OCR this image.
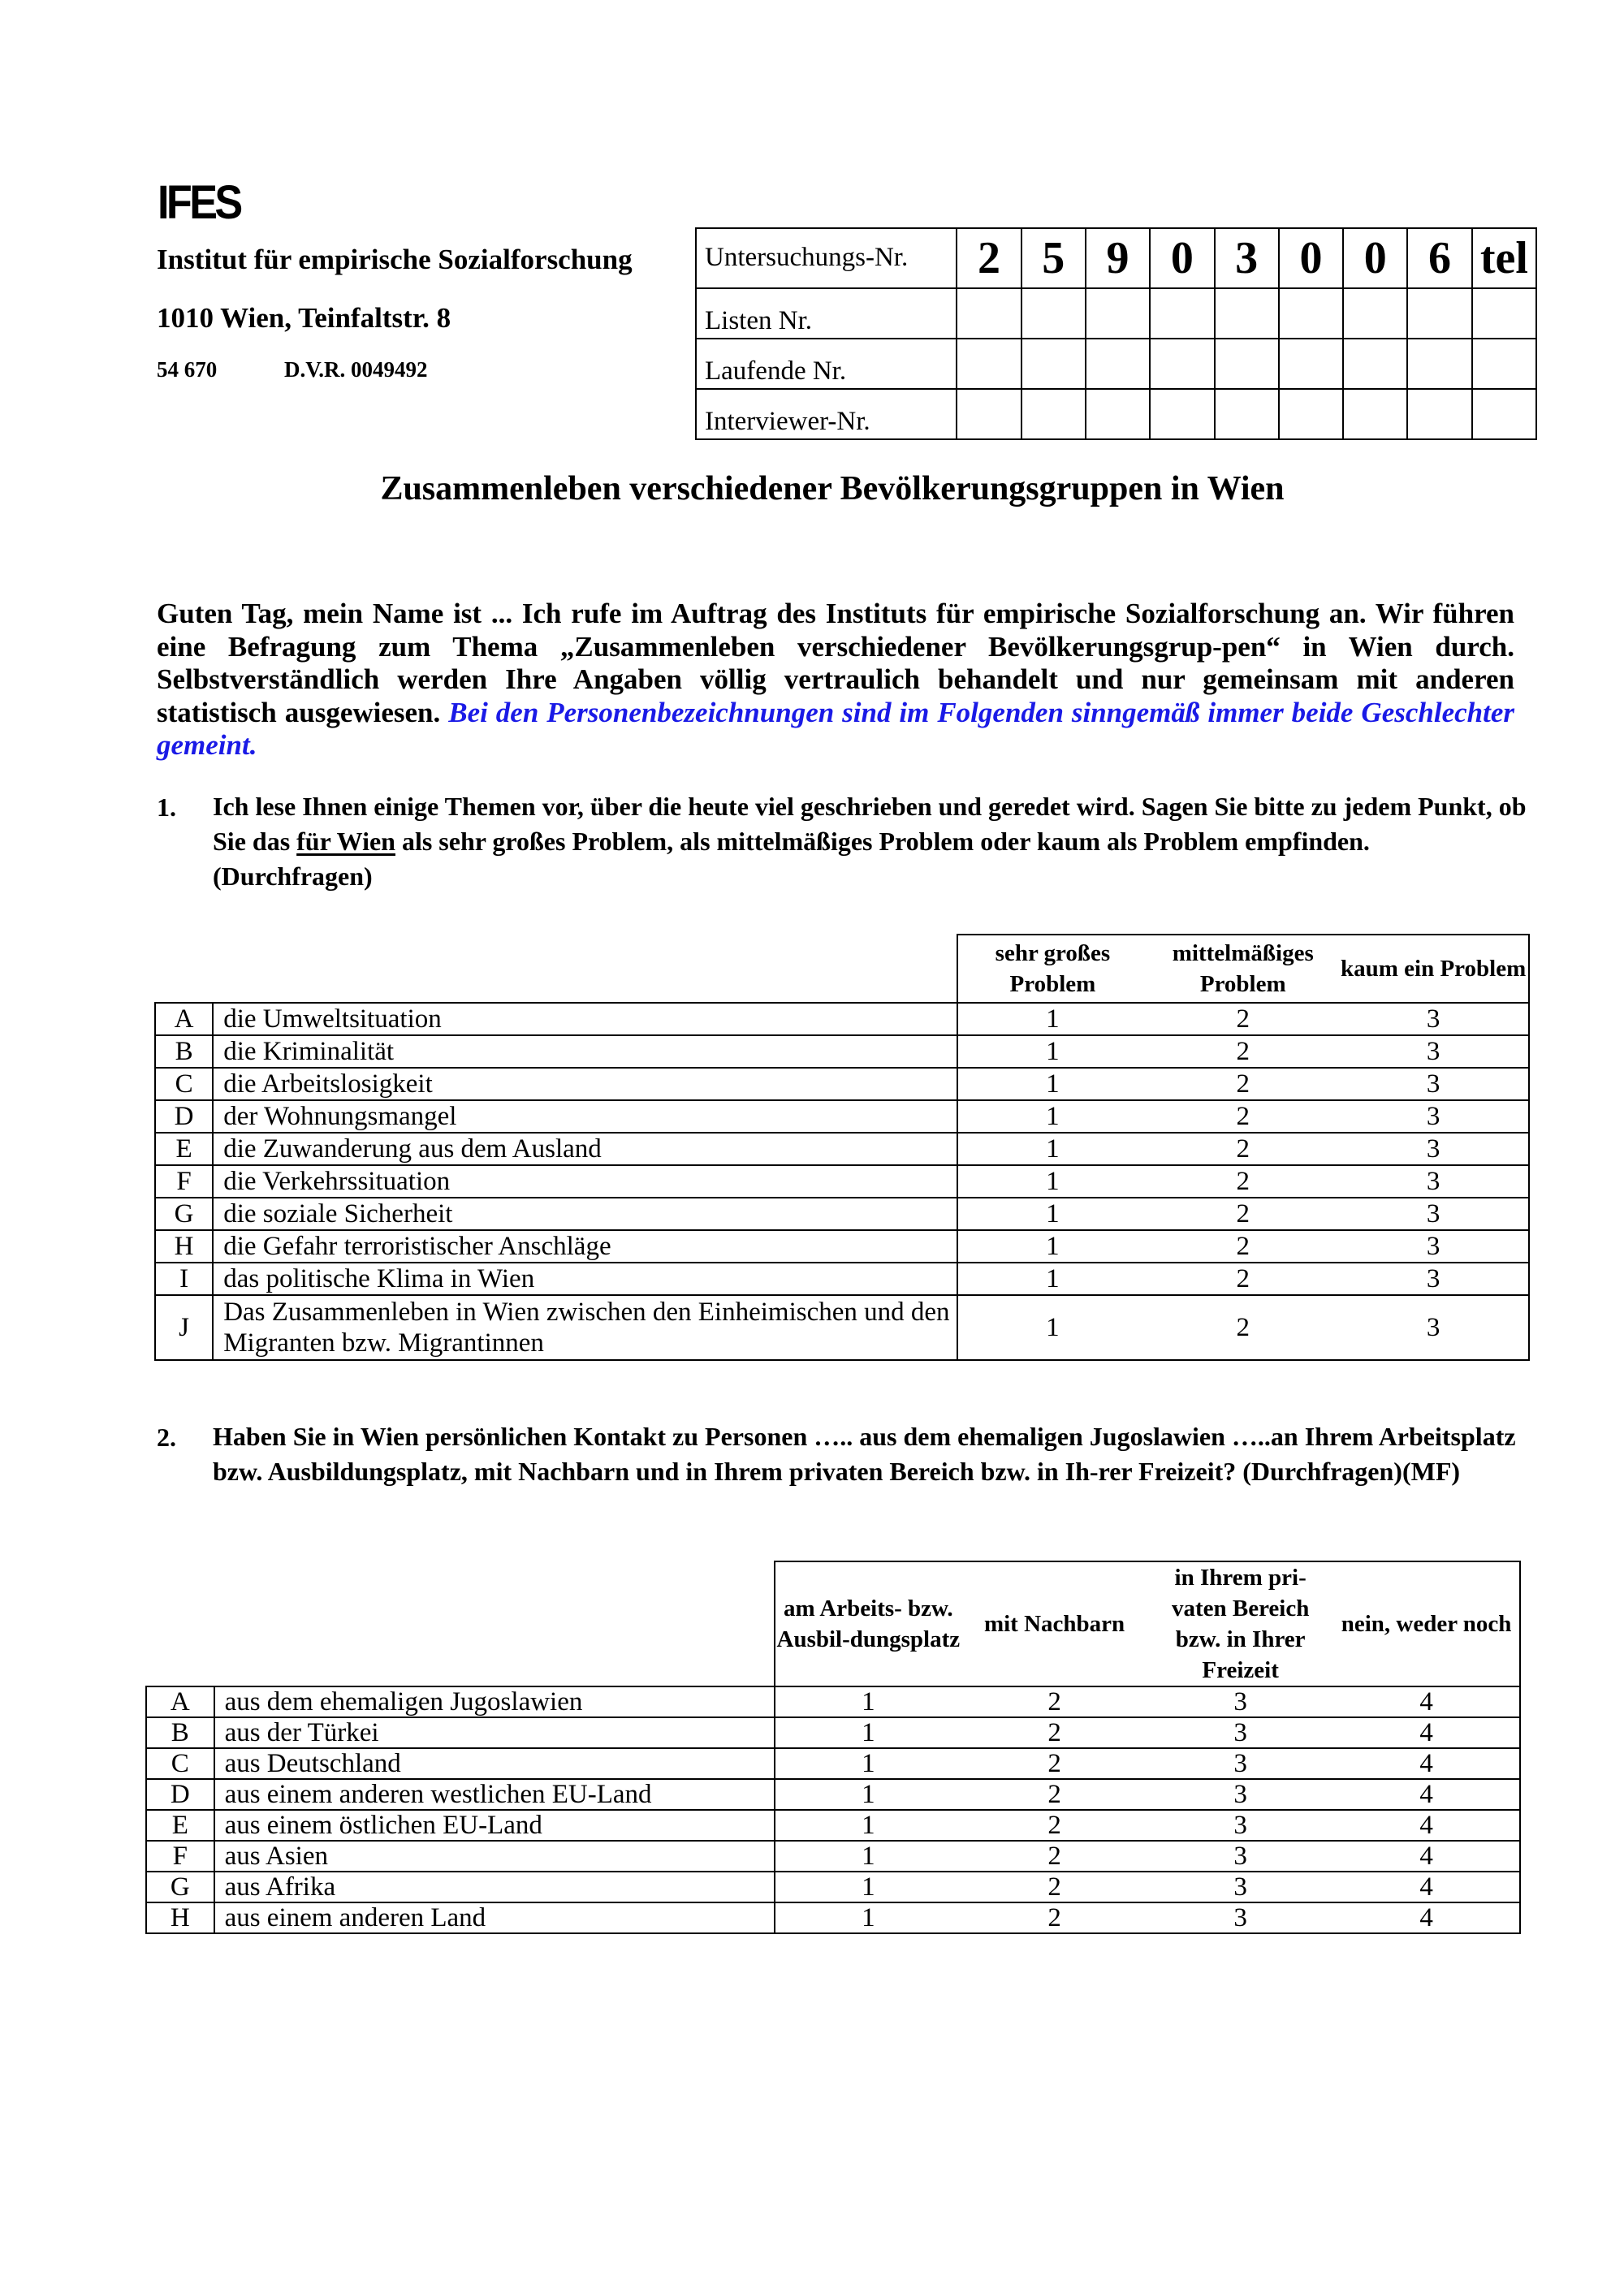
IFES
Institut für empirische Sozialforschung
1010 Wien, Teinfaltstr. 8
54 670	D.V.R. 0049492
Untersuchungs-Nr.	2	5	9	0	3	0	0	6	tel
Listen Nr.									
Laufende Nr.									
Interviewer-Nr.									
Zusammenleben verschiedener Bevölkerungsgruppen in Wien
Guten Tag, mein Name ist ... Ich rufe im Auftrag des Instituts für empirische Sozialforschung an. Wir führen eine Befragung zum Thema „Zusammenleben verschiedener Bevölkerungsgrup-pen“ in Wien durch. Selbstverständlich werden Ihre Angaben völlig vertraulich behandelt und nur gemeinsam mit anderen statistisch ausgewiesen. Bei den Personenbezeichnungen sind im Folgenden sinngemäß immer beide Geschlechter gemeint.
1. Ich lese Ihnen einige Themen vor, über die heute viel geschrieben und geredet wird. Sagen Sie bitte zu jedem Punkt, ob Sie das für Wien als sehr großes Problem, als mittelmäßiges Problem oder kaum als Problem empfinden. (Durchfragen)
		sehr großes Problem	mittelmäßiges Problem	kaum ein Problem
A	die Umweltsituation	1	2	3
B	die Kriminalität	1	2	3
C	die Arbeitslosigkeit	1	2	3
D	der Wohnungsmangel	1	2	3
E	die Zuwanderung aus dem Ausland	1	2	3
F	die Verkehrssituation	1	2	3
G	die soziale Sicherheit	1	2	3
H	die Gefahr terroristischer Anschläge	1	2	3
I	das politische Klima in Wien	1	2	3
J	Das Zusammenleben in Wien zwischen den Einheimischen und den Migranten bzw. Migrantinnen	1	2	3
2. Haben Sie in Wien persönlichen Kontakt zu Personen ….. aus dem ehemaligen Jugoslawien …..an Ihrem Arbeitsplatz bzw. Ausbildungsplatz, mit Nachbarn und in Ihrem privaten Bereich bzw. in Ih-rer Freizeit? (Durchfragen)(MF)
		am Arbeits- bzw. Ausbil-dungsplatz	mit Nachbarn	in Ihrem pri-vaten Bereich bzw. in Ihrer Freizeit	nein, weder noch
A	aus dem ehemaligen Jugoslawien	1	2	3	4
B	aus der Türkei	1	2	3	4
C	aus Deutschland	1	2	3	4
D	aus einem anderen westlichen EU-Land	1	2	3	4
E	aus einem östlichen EU-Land	1	2	3	4
F	aus Asien	1	2	3	4
G	aus Afrika	1	2	3	4
H	aus einem anderen Land	1	2	3	4
